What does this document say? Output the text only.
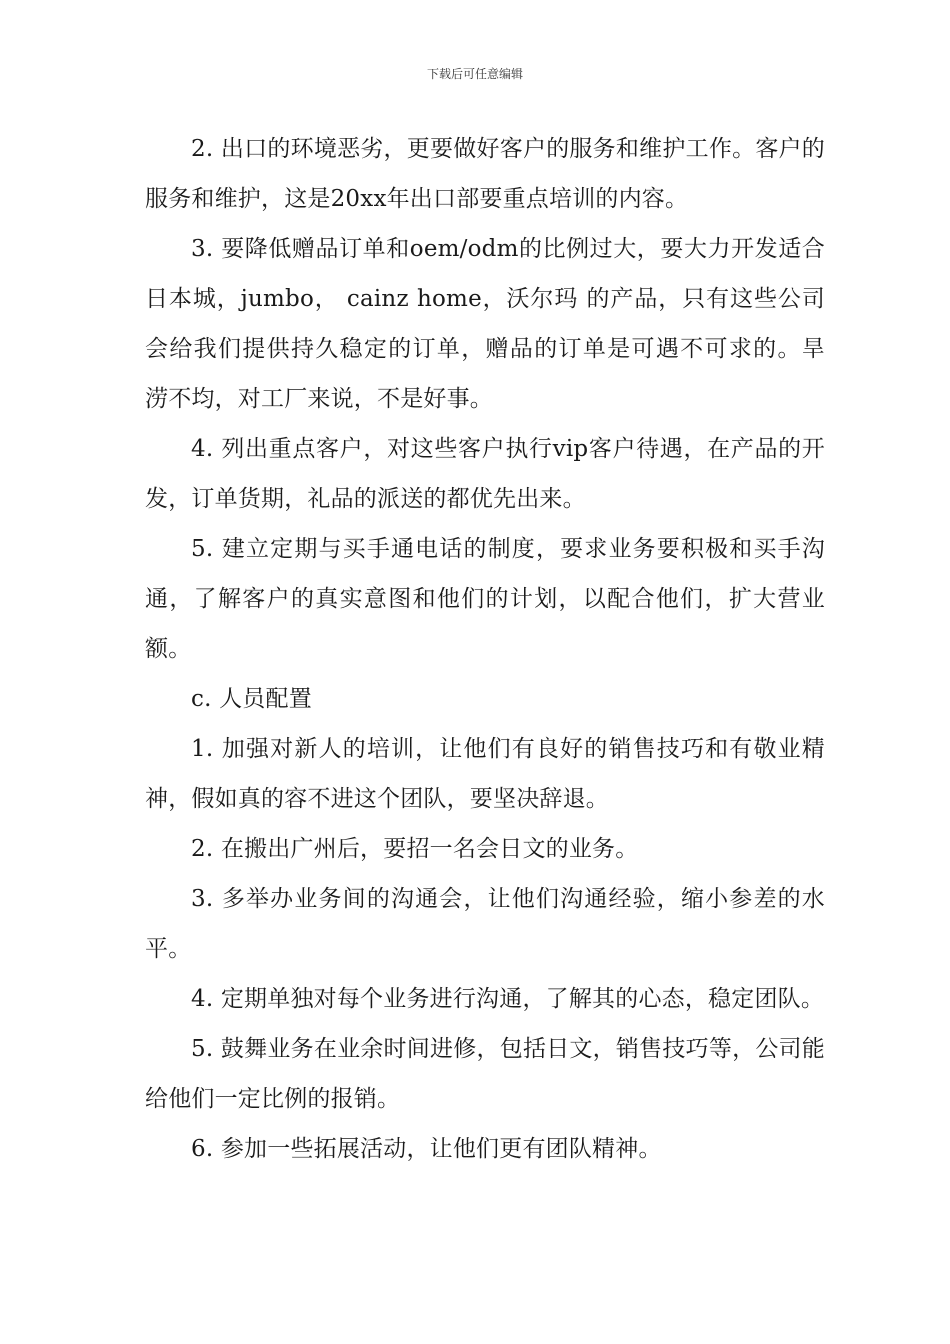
下载后可任意编辑

2. 出口的环境恶劣，更要做好客户的服务和维护工作。客户的服务和维护，这是20xx年出口部要重点培训的内容。

3. 要降低赠品订单和oem/odm的比例过大，要大力开发适合日本城，jumbo， cainz home，沃尔玛 的产品，只有这些公司会给我们提供持久稳定的订单，赠品的订单是可遇不可求的。旱 涝不均，对工厂来说，不是好事。

4. 列出重点客户，对这些客户执行vip客户待遇，在产品的开发，订单货期，礼品的派送的都优先出来。

5. 建立定期与买手通电话的制度，要求业务要积极和买手沟通，了解客户的真实意图和他们的计划，以配合他们，扩大营业额。

c. 人员配置

1. 加强对新人的培训，让他们有良好的销售技巧和有敬业精神，假如真的容不进这个团队，要坚决辞退。

2. 在搬出广州后，要招一名会日文的业务。

3. 多举办业务间的沟通会，让他们沟通经验，缩小参差的水平。

4. 定期单独对每个业务进行沟通，了解其的心态，稳定团队。

5. 鼓舞业务在业余时间进修，包括日文，销售技巧等，公司能给他们一定比例的报销。

6. 参加一些拓展活动，让他们更有团队精神。
